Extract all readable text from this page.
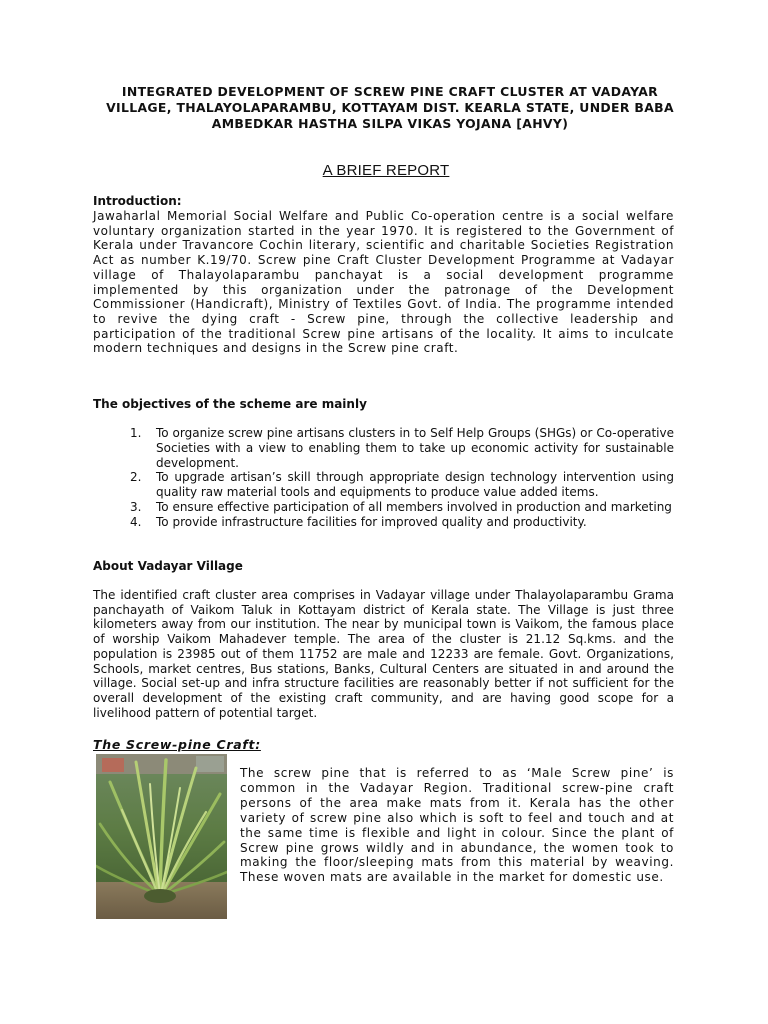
INTEGRATED DEVELOPMENT OF SCREW PINE CRAFT CLUSTER AT VADAYAR VILLAGE, THALAYOLAPARAMBU, KOTTAYAM DIST. KEARLA STATE, UNDER BABA AMBEDKAR HASTHA SILPA VIKAS YOJANA [AHVY)
A BRIEF REPORT
Introduction:

Jawaharlal Memorial Social Welfare and Public Co-operation centre is a social welfare voluntary organization started in the year 1970. It is registered to the Government of Kerala under Travancore Cochin literary, scientific and charitable Societies Registration Act as number K.19/70. Screw pine Craft Cluster Development Programme at Vadayar village of Thalayolaparambu panchayat is a social development programme implemented by this organization under the patronage of the Development Commissioner (Handicraft), Ministry of Textiles Govt. of India. The programme intended to revive the dying craft - Screw pine, through the collective leadership and participation of the traditional Screw pine artisans of the locality. It aims to inculcate modern techniques and designs in the Screw pine craft.

The objectives of the scheme are mainly
1. To organize screw pine artisans clusters in to Self Help Groups (SHGs) or Co-operative Societies with a view to enabling them to take up economic activity for sustainable development.
2. To upgrade artisan’s skill through appropriate design technology intervention using quality raw material tools and equipments to produce value added items.
3. To ensure effective participation of all members involved in production and marketing
4. To provide infrastructure facilities for improved quality and productivity.
About Vadayar Village

The identified craft cluster area comprises in Vadayar village under Thalayolaparambu Grama panchayath of Vaikom Taluk in Kottayam district of Kerala state. The Village is just three kilometers away from our institution. The near by municipal town is Vaikom, the famous place of worship Vaikom Mahadever temple. The area of the cluster is 21.12 Sq.kms. and the population is 23985 out of them 11752 are male and 12233 are female. Govt. Organizations, Schools, market centres, Bus stations, Banks, Cultural Centers are situated in and around the village. Social set-up and infra structure facilities are reasonably better if not sufficient for the overall development of the existing craft community, and are having good scope for a livelihood pattern of potential target.

The Screw-pine Craft:

The screw pine that is referred to as ‘Male Screw pine’ is common in the Vadayar Region. Traditional screw-pine craft persons of the area make mats from it. Kerala has the other variety of screw pine also which is soft to feel and touch and at the same time is flexible and light in colour. Since the plant of Screw pine grows wildly and in abundance, the women took to making the floor/sleeping mats from this material by weaving. These woven mats are available in the market for domestic use.
